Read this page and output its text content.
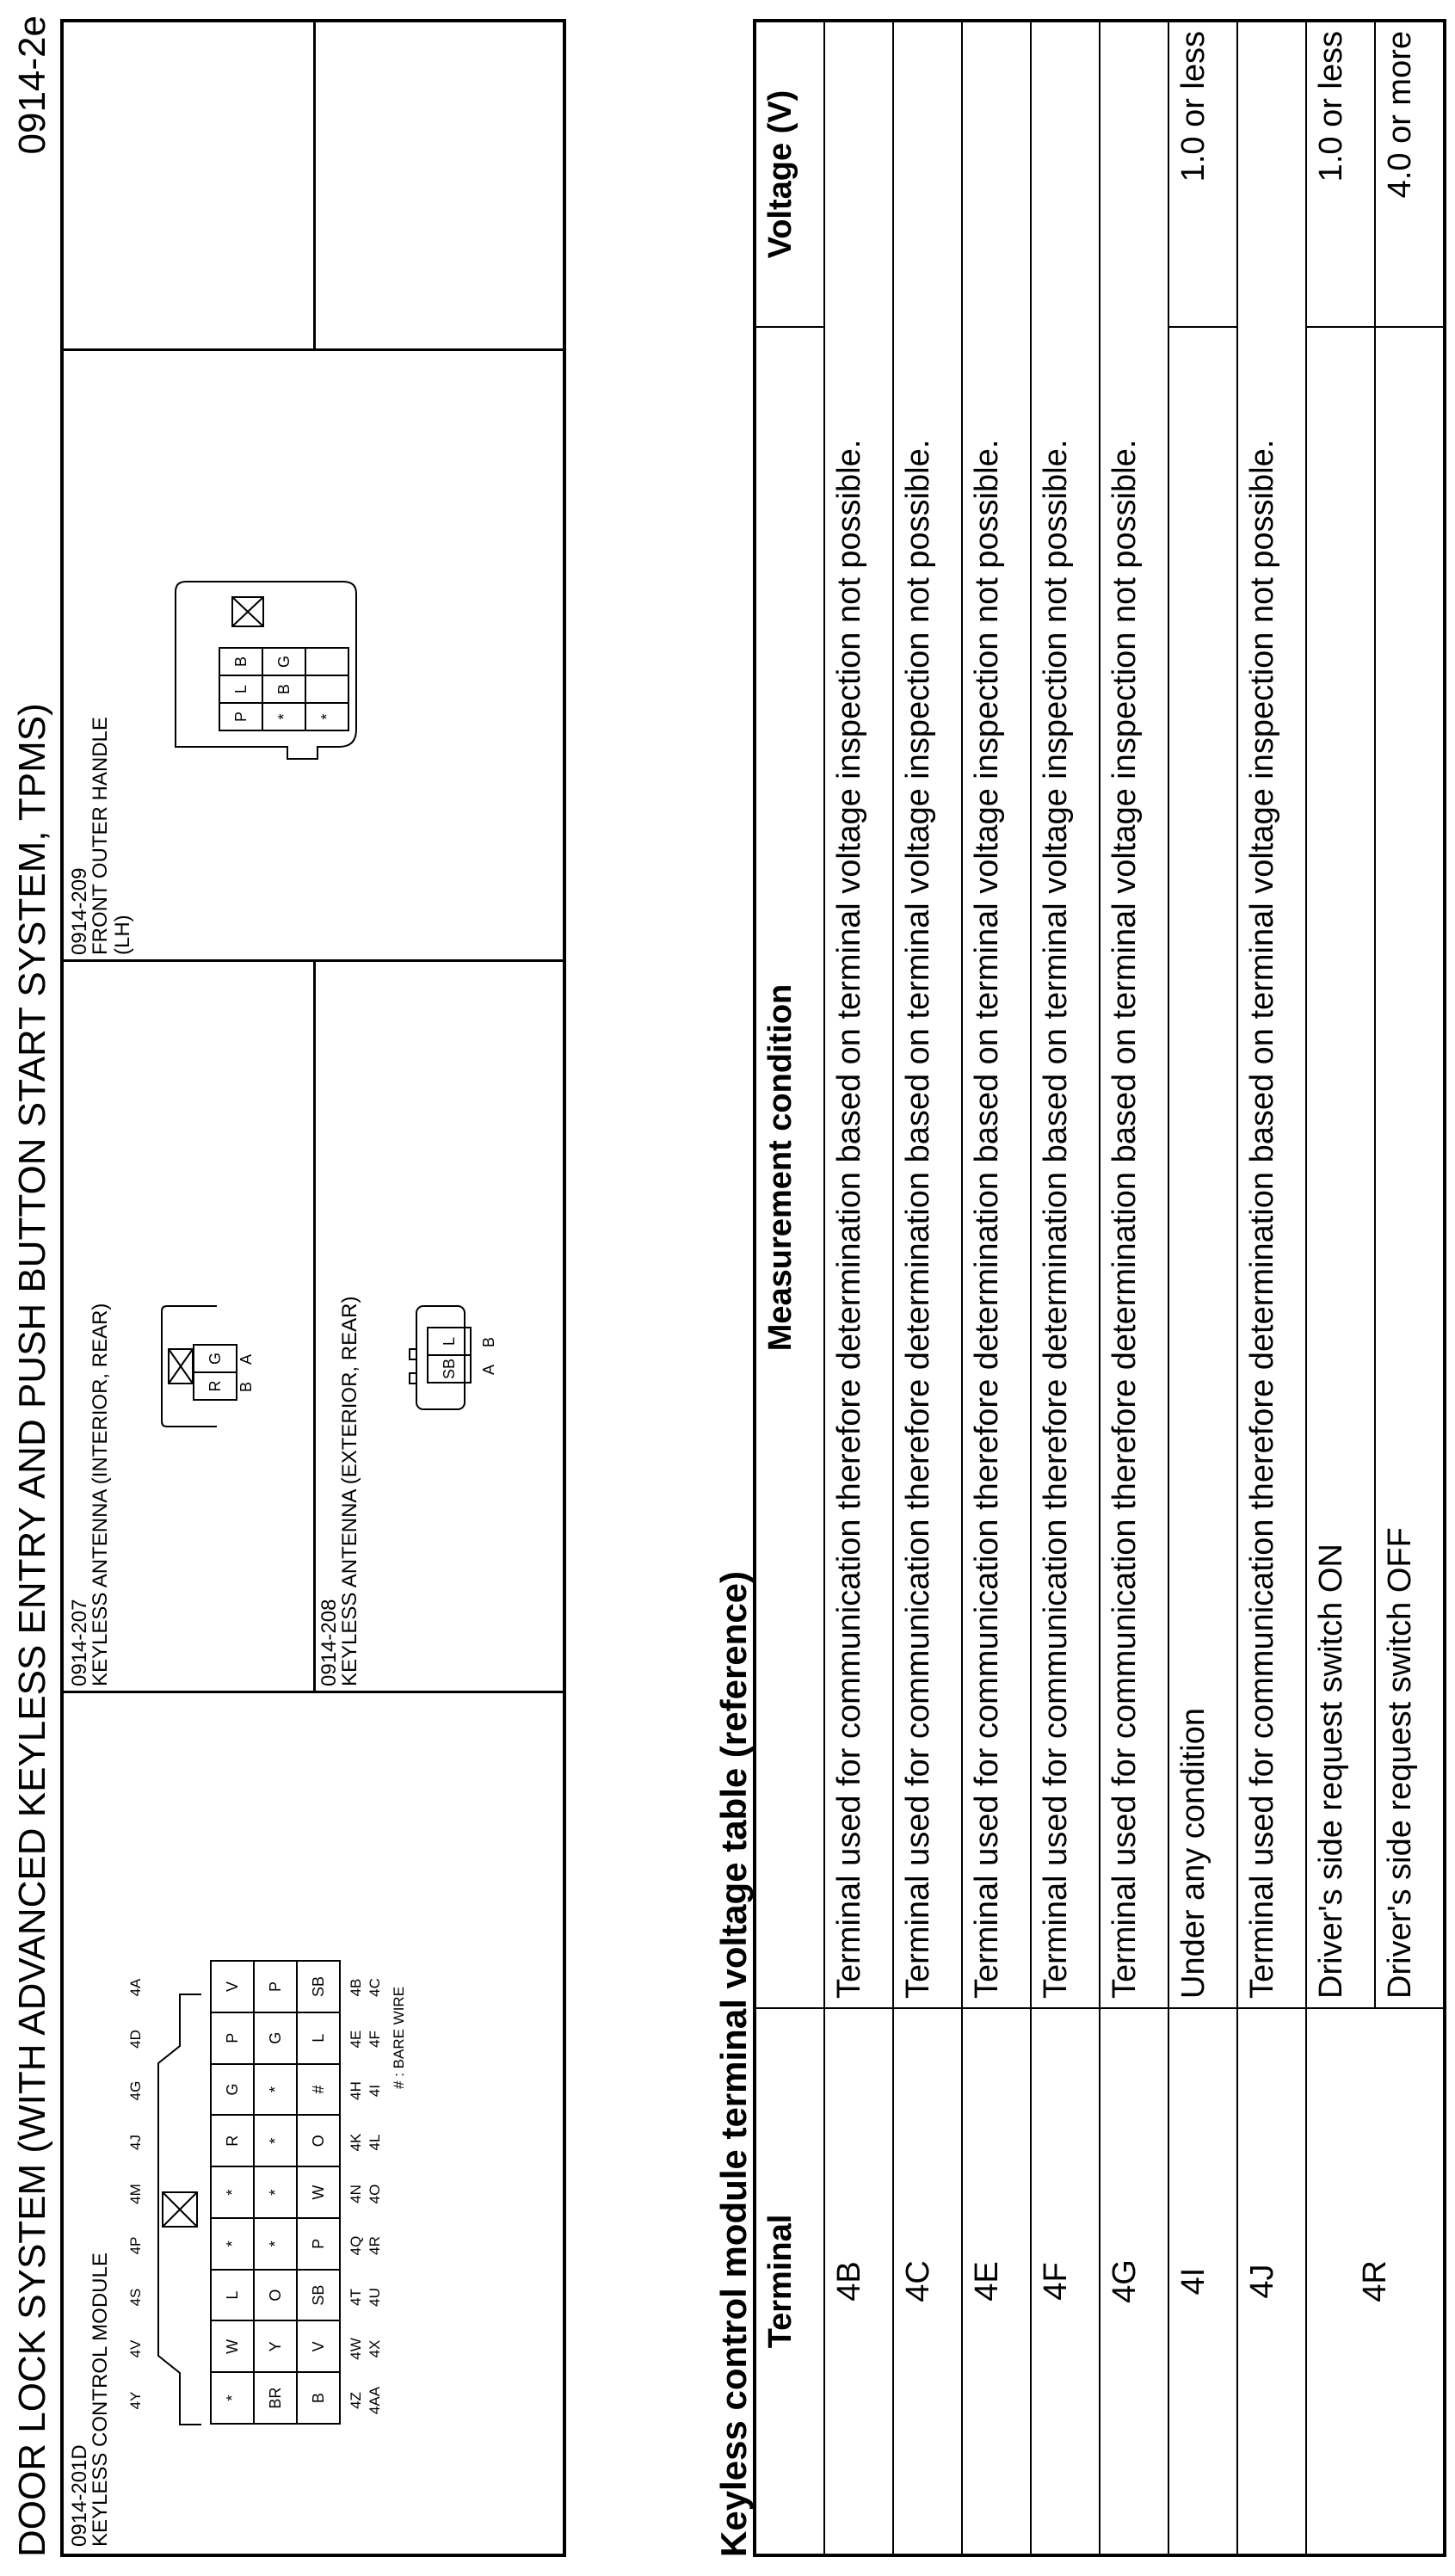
DOOR LOCK SYSTEM (WITH ADVANCED KEYLESS ENTRY AND PUSH BUTTON START SYSTEM, TPMS)
0914-2e
0914-201D
KEYLESS CONTROL MODULE 4Y
4V
4S
4P
4M
4J
4G
4D
4A
*	W	L	*	*	R	G	P	V
BR	Y	O	*	*	*	*	G	P
B	V	SB	P	W	O	#	L	SB
4Z
4W
4T
4Q
4N
4K
4H
4E
4B
4AA
4X
4U
4R
4O
4L
4I
4F
4C
# : BARE WIRE
0914-207
KEYLESS ANTENNA (INTERIOR, REAR)	R	G
B
A
0914-208
KEYLESS ANTENNA (EXTERIOR, REAR)	SB	L
A
B
0914-209
FRONT OUTER HANDLE
(LH)
P	L	B
*	B	G
*		
Keyless control module terminal voltage table (reference) Terminal	Measurement condition	Voltage (V)
4B	Terminal used for communication therefore determination based on terminal voltage inspection not possible.	
4C	Terminal used for communication therefore determination based on terminal voltage inspection not possible.	
4E	Terminal used for communication therefore determination based on terminal voltage inspection not possible.	
4F	Terminal used for communication therefore determination based on terminal voltage inspection not possible.	
4G	Terminal used for communication therefore determination based on terminal voltage inspection not possible.	
4I	Under any condition	1.0 or less
4J	Terminal used for communication therefore determination based on terminal voltage inspection not possible.	
4R	Driver's side request switch ON	1.0 or less
	Driver's side request switch OFF	4.0 or more
